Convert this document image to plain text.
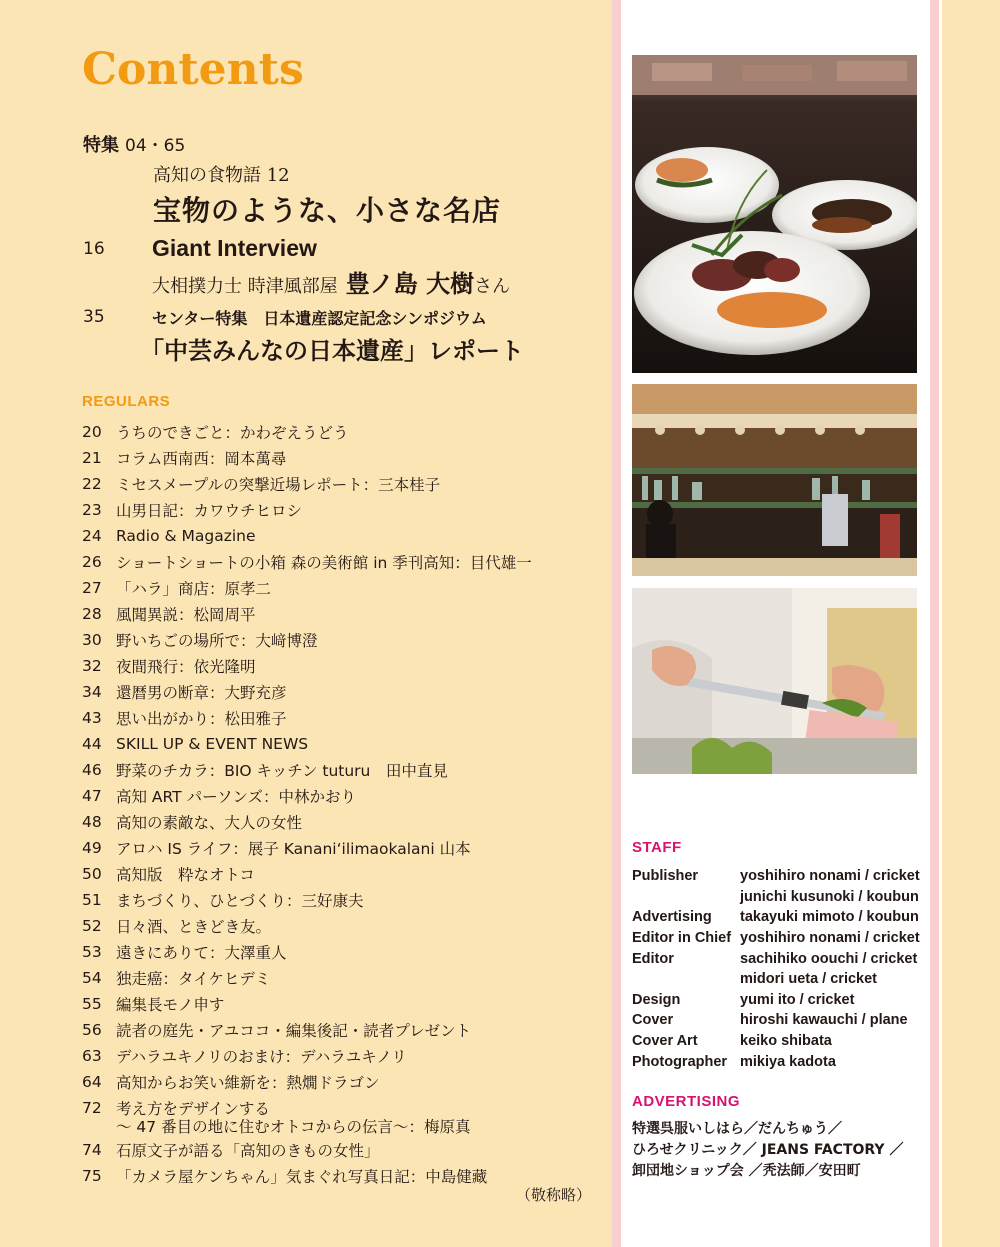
Contents
特集 04・65
高知の食物語 12
宝物のような、小さな名店
16 Giant Interview
大相撲力士 時津風部屋 豊ノ島 大樹さん
35	センター特集　日本遺産認定記念シンポジウム
「中芸みんなの日本遺産」レポート
REGULARS
20 うちのできごと：かわぞえうどう
21 コラム西南西：岡本萬尋
22 ミセスメープルの突撃近場レポート：三本桂子
23 山男日記：カワウチヒロシ
24 Radio & Magazine
26 ショートショートの小箱 森の美術館 in 季刊高知：目代雄一
27 「ハラ」商店：原孝二
28 風聞異説：松岡周平
30 野いちごの場所で：大﨑博澄
32 夜間飛行：依光隆明
34 還暦男の断章：大野充彦
43 思い出がかり：松田雅子
44 SKILL UP & EVENT NEWS
46 野菜のチカラ：BIO キッチン tuturu　田中直見
47 高知 ART パーソンズ：中林かおり
48 高知の素敵な、大人の女性
49 アロハ IS ライフ：展子 Kanani‘ilimaokalani 山本
50 高知版　粋なオトコ
51 まちづくり、ひとづくり：三好康夫
52 日々酒、ときどき友。
53 遠きにありて：大澤重人
54 独走癌：タイケヒデミ
55 編集長モノ申す
56 読者の庭先・アユココ・編集後記・読者プレゼント
63 デハラユキノリのおまけ：デハラユキノリ
64 高知からお笑い維新を：熱燗ドラゴン
72 考え方をデザインする
～ 47 番目の地に住むオトコからの伝言～：梅原真
74 石原文子が語る「高知のきもの女性」
75 「カメラ屋ケンちゃん」気まぐれ写真日記：中島健藏
（敬称略）
STAFF
Publisher	yoshihiro nonami / cricket
junichi kusunoki / koubun
Advertising	takayuki mimoto / koubun
Editor in Chief yoshihiro nonami / cricket
Editor	sachihiko oouchi / cricket
midori ueta / cricket
Design	yumi ito / cricket
Cover	hiroshi kawauchi / plane
Cover Art	keiko shibata
Photographer mikiya kadota
ADVERTISING
特選呉服いしはら／だんちゅう／
ひろせクリニック／ JEANS FACTORY ／
卸団地ショップ会 ／秃法師／安田町
